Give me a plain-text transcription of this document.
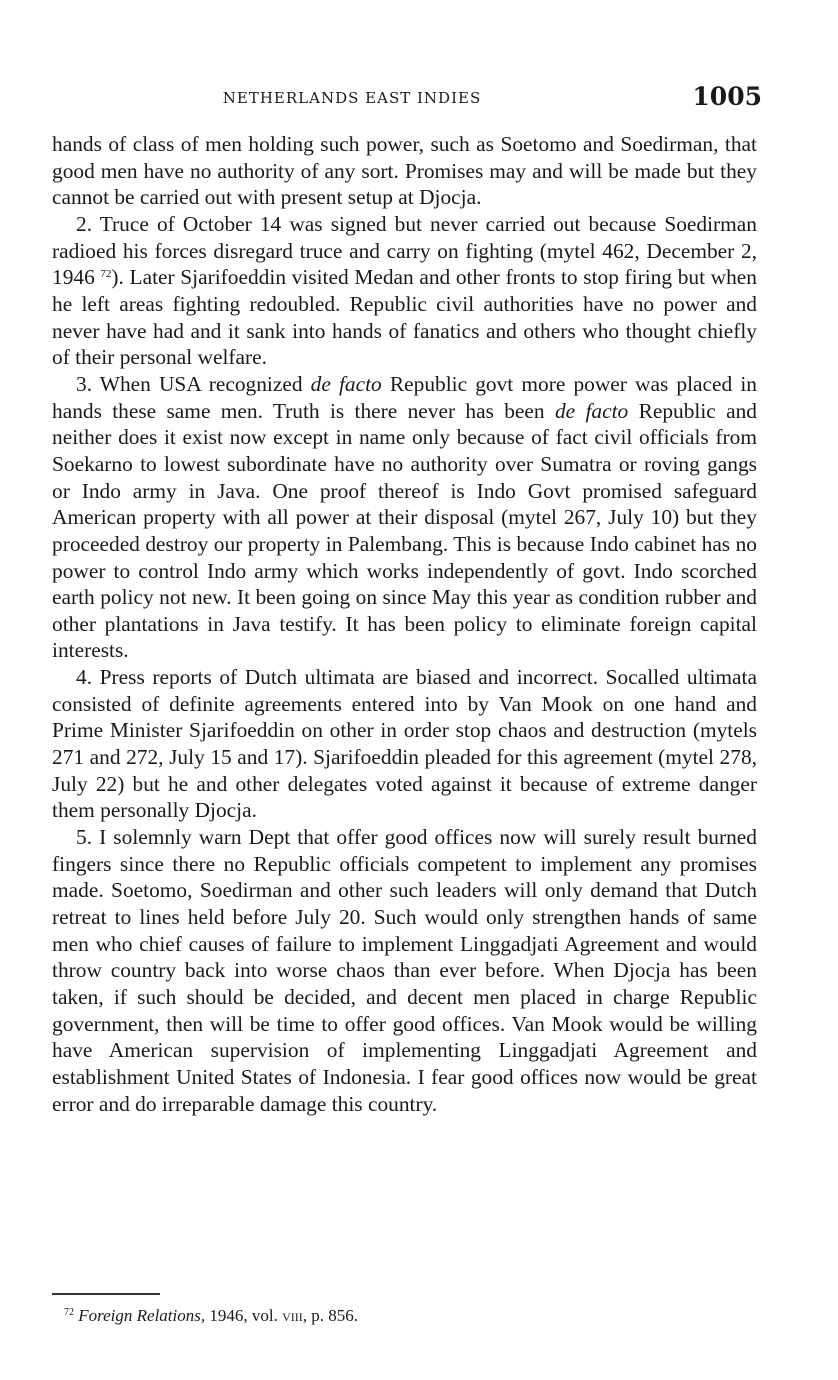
NETHERLANDS EAST INDIES	1005

hands of class of men holding such power, such as Soetomo and Soedirman, that good men have no authority of any sort. Promises may and will be made but they cannot be carried out with present setup at Djocja.

2. Truce of October 14 was signed but never carried out because Soedirman radioed his forces disregard truce and carry on fighting (mytel 462, December 2, 1946 $^{72}$). Later Sjarifoeddin visited Medan and other fronts to stop firing but when he left areas fighting redoubled. Republic civil authorities have no power and never have had and it sank into hands of fanatics and others who thought chiefly of their personal welfare.

3. When USA recognized de facto Republic govt more power was placed in hands these same men. Truth is there never has been de facto Republic and neither does it exist now except in name only because of fact civil officials from Soekarno to lowest subordinate have no authority over Sumatra or roving gangs or Indo army in Java. One proof thereof is Indo Govt promised safeguard American property with all power at their disposal (mytel 267, July 10) but they proceeded destroy our property in Palembang. This is because Indo cabinet has no power to control Indo army which works independently of govt. Indo scorched earth policy not new. It been going on since May this year as condition rubber and other plantations in Java testify. It has been policy to eliminate foreign capital interests.

4. Press reports of Dutch ultimata are biased and incorrect. Socalled ultimata consisted of definite agreements entered into by Van Mook on one hand and Prime Minister Sjarifoeddin on other in order stop chaos and destruction (mytels 271 and 272, July 15 and 17). Sjarifoeddin pleaded for this agreement (mytel 278, July 22) but he and other delegates voted against it because of extreme danger them personally Djocja.

5. I solemnly warn Dept that offer good offices now will surely result burned fingers since there no Republic officials competent to implement any promises made. Soetomo, Soedirman and other such leaders will only demand that Dutch retreat to lines held before July 20. Such would only strengthen hands of same men who chief causes of failure to implement Linggadjati Agreement and would throw country back into worse chaos than ever before. When Djocja has been taken, if such should be decided, and decent men placed in charge Republic government, then will be time to offer good offices. Van Mook would be willing have American supervision of implementing Linggadjati Agreement and establishment United States of Indonesia. I fear good offices now would be great error and do irreparable damage this country.

$^{72}$ Foreign Relations, 1946, vol. viii, p. 856.
